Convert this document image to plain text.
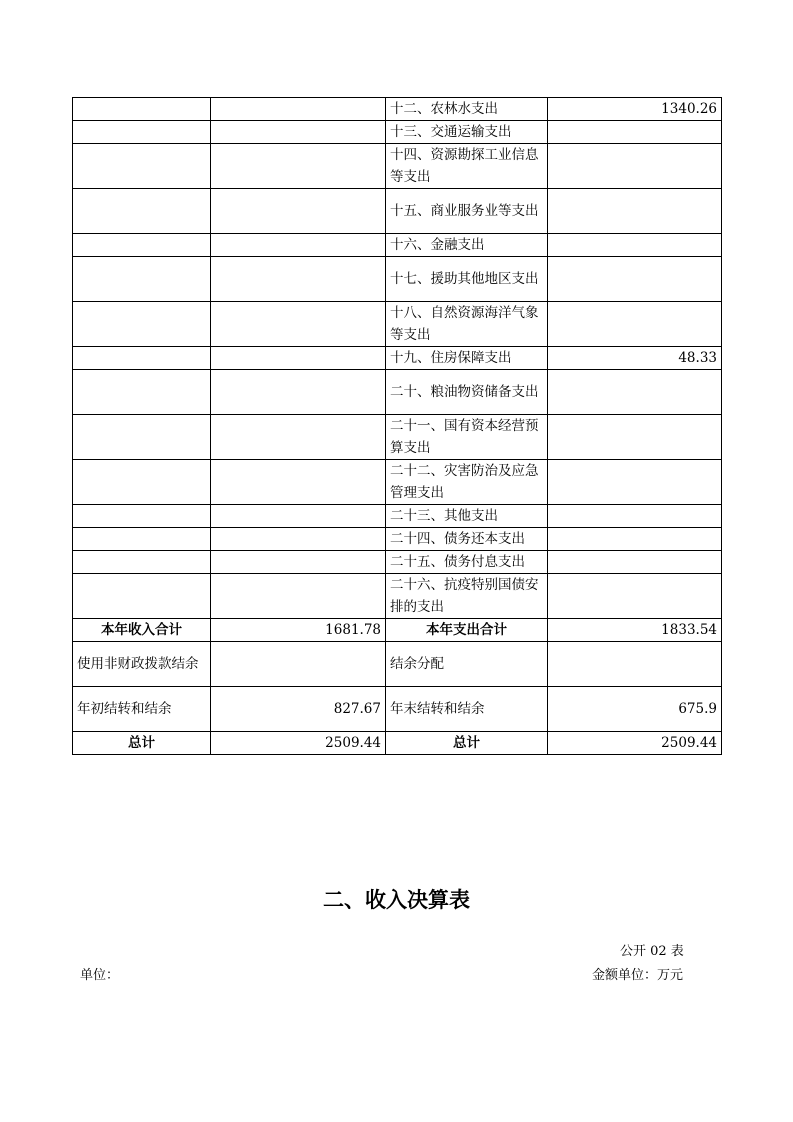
		十二、农林水支出	1340.26
		十三、交通运输支出	
		十四、资源勘探工业信息等支出	
		十五、商业服务业等支出	
		十六、金融支出	
		十七、援助其他地区支出	
		十八、自然资源海洋气象等支出	
		十九、住房保障支出	48.33
		二十、粮油物资储备支出	
		二十一、国有资本经营预算支出	
		二十二、灾害防治及应急管理支出	
		二十三、其他支出	
		二十四、债务还本支出	
		二十五、债务付息支出	
		二十六、抗疫特别国债安排的支出	
本年收入合计	1681.78	本年支出合计	1833.54
使用非财政拨款结余		结余分配	
年初结转和结余	827.67	年末结转和结余	675.9
总计	2509.44	总计	2509.44
二、收入决算表
公开 02 表
单位：	金额单位：万元
